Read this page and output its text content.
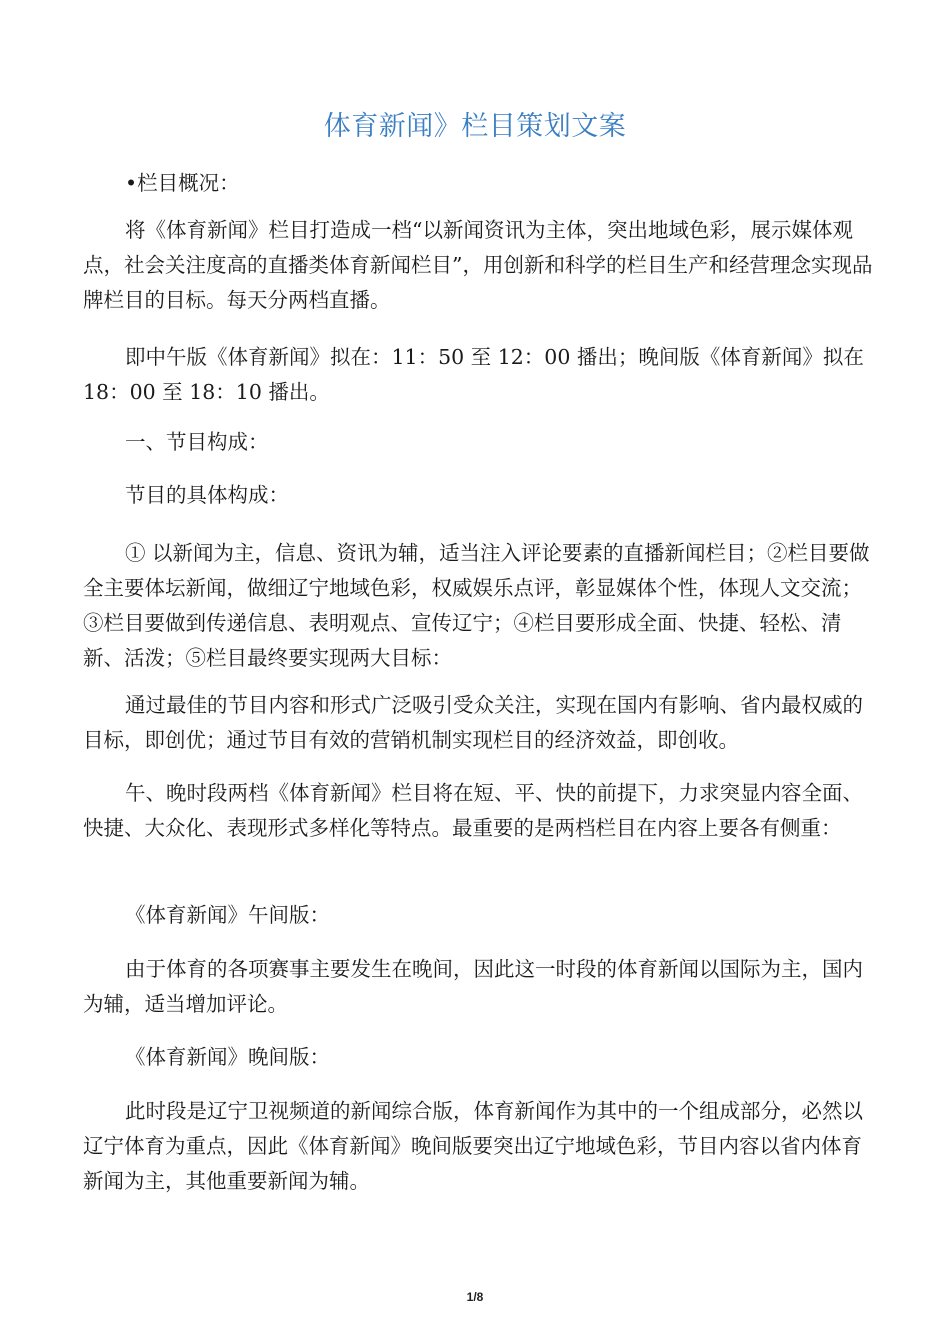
体育新闻》栏目策划文案

•栏目概况：

将《体育新闻》栏目打造成一档“以新闻资讯为主体，突出地域色彩，展示媒体观点，社会关注度高的直播类体育新闻栏目”，用创新和科学的栏目生产和经营理念实现品牌栏目的目标。每天分两档直播。

即中午版《体育新闻》拟在：11：50 至 12：00 播出；晚间版《体育新闻》拟在 18：00 至 18：10 播出。

一、节目构成：

节目的具体构成：

① 以新闻为主，信息、资讯为辅，适当注入评论要素的直播新闻栏目；②栏目要做全主要体坛新闻，做细辽宁地域色彩，权威娱乐点评，彰显媒体个性，体现人文交流；③栏目要做到传递信息、表明观点、宣传辽宁；④栏目要形成全面、快捷、轻松、清新、活泼；⑤栏目最终要实现两大目标：

通过最佳的节目内容和形式广泛吸引受众关注，实现在国内有影响、省内最权威的目标，即创优；通过节目有效的营销机制实现栏目的经济效益，即创收。

午、晚时段两档《体育新闻》栏目将在短、平、快的前提下，力求突显内容全面、快捷、大众化、表现形式多样化等特点。最重要的是两档栏目在内容上要各有侧重：

《体育新闻》午间版：

由于体育的各项赛事主要发生在晚间，因此这一时段的体育新闻以国际为主，国内为辅，适当增加评论。

《体育新闻》晚间版：

此时段是辽宁卫视频道的新闻综合版，体育新闻作为其中的一个组成部分，必然以辽宁体育为重点，因此《体育新闻》晚间版要突出辽宁地域色彩，节目内容以省内体育新闻为主，其他重要新闻为辅。

1/8
